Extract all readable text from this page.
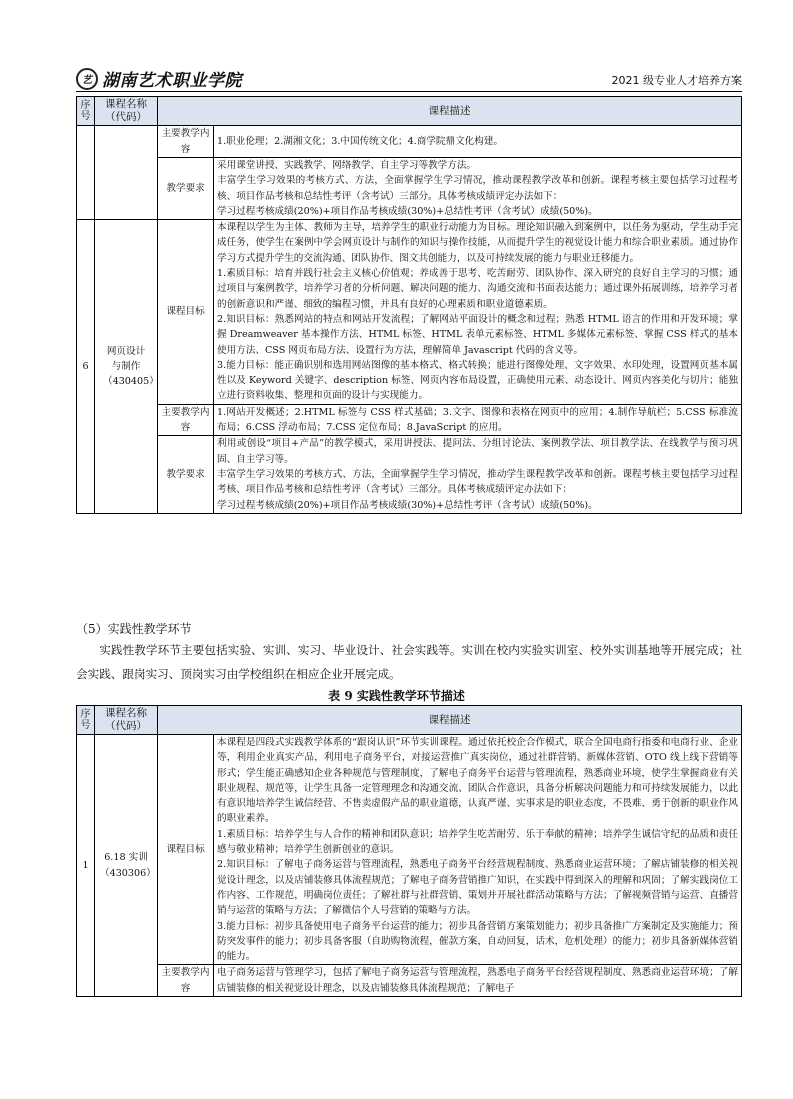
艺 湖南艺术职业学院	2021 级专业人才培养方案
序号	课程名称（代码）	课程描述	
		主要教学内容	1.职业伦理；2.湖湘文化；3.中国传统文化；4.商学院鼎文化构建。

		教学要求	采用课堂讲授、实践教学、网络教学、自主学习等教学方法。
丰富学生学习效果的考核方式、方法，全面掌握学生学习情况，推动课程教学改革和创新。课程考核主要包括学习过程考核、项目作品考核和总结性考评（含考试）三部分。具体考核成绩评定办法如下：
学习过程考核成绩(20%)+项目作品考核成绩(30%)+总结性考评（含考试）成绩(50%)。

6	网页设计与制作（430405）	课程目标	本课程以学生为主体、教师为主导，培养学生的职业行动能力为目标。理论知识融入到案例中，以任务为驱动，学生动手完成任务，使学生在案例中学会网页设计与制作的知识与操作技能，从而提升学生的视觉设计能力和综合职业素质。通过协作学习方式提升学生的交流沟通、团队协作、图文共创能力，以及可持续发展的能力与职业迁移能力。
1.素质目标：培育并践行社会主义核心价值观；养成善于思考、吃苦耐劳、团队协作、深入研究的良好自主学习的习惯；通过项目与案例教学，培养学习者的分析问题、解决问题的能力、沟通交流和书面表达能力；通过课外拓展训练，培养学习者的创新意识和严谨、细致的编程习惯，并具有良好的心理素质和职业道德素质。
2.知识目标：熟悉网站的特点和网站开发流程；了解网站平面设计的概念和过程；熟悉 HTML 语言的作用和开发环境；掌握 Dreamweaver 基本操作方法、HTML 标签、HTML 表单元素标签、HTML 多媒体元素标签、掌握 CSS 样式的基本使用方法、CSS 网页布局方法、设置行为方法，理解简单 Javascript 代码的含义等。
3.能力目标：能正确识别和选用网站图像的基本格式、格式转换；能进行图像处理、文字效果、水印处理，设置网页基本属性以及 Keyword 关键字、description 标签、网页内容布局设置，正确使用元素、动态设计、网页内容美化与切片；能独立进行资料收集、整理和页面的设计与实现能力。

		主要教学内容	1.网站开发概述；2.HTML 标签与 CSS 样式基础；3.文字、图像和表格在网页中的应用；4.制作导航栏；5.CSS 标准流布局；6.CSS 浮动布局；7.CSS 定位布局；8.JavaScript 的应用。

		教学要求	利用或创设“项目+产品”的教学模式，采用讲授法、提问法、分组讨论法、案例教学法、项目教学法、在线教学与预习巩固、自主学习等。
丰富学生学习效果的考核方式、方法，全面掌握学生学习情况，推动学生课程教学改革和创新。课程考核主要包括学习过程考核、项目作品考核和总结性考评（含考试）三部分。具体考核成绩评定办法如下：
学习过程考核成绩(20%)+项目作品考核成绩(30%)+总结性考评（含考试）成绩(50%)。
（5）实践性教学环节
实践性教学环节主要包括实验、实训、实习、毕业设计、社会实践等。实训在校内实验实训室、校外实训基地等开展完成；社会实践、跟岗实习、顶岗实习由学校组织在相应企业开展完成。
表 9 实践性教学环节描述
序号	课程名称（代码）	课程描述	
1	6.18 实训（430306）	课程目标	本课程是四段式实践教学体系的“跟岗认识”环节实训课程。通过依托校企合作模式，联合全国电商行指委和电商行业、企业等，利用企业真实产品，利用电子商务平台，对接运营推广真实岗位，通过社群营销、新媒体营销、OTO 线上线下营销等形式；学生能正确感知企业各种规范与管理制度，了解电子商务平台运营与管理流程，熟悉商业环境，使学生掌握商业有关职业规程、规范等，让学生具备一定管理理念和沟通交流、团队合作意识，具备分析解决问题能力和可持续发展能力，以此有意识地培养学生诚信经营、不售卖虚假产品的职业道德，认真严谨、实事求是的职业态度，不畏难、勇于创新的职业作风的职业素养。
1.素质目标：培养学生与人合作的精神和团队意识；培养学生吃苦耐劳、乐于奉献的精神；培养学生诚信守纪的品质和责任感与敬业精神；培养学生创新创业的意识。
2.知识目标：了解电子商务运营与管理流程，熟悉电子商务平台经营规程制度、熟悉商业运营环境；了解店铺装修的相关视觉设计理念，以及店铺装修具体流程规范；了解电子商务营销推广知识，在实践中得到深入的理解和巩固；了解实践岗位工作内容、工作规范，明确岗位责任；了解社群与社群营销、策划并开展社群活动策略与方法；了解视频营销与运营、直播营销与运营的策略与方法；了解微信个人号营销的策略与方法。
3.能力目标：初步具备使用电子商务平台运营的能力；初步具备营销方案策划能力；初步具备推广方案制定及实施能力；预防突发事件的能力；初步具备客服（自助购物流程，催款方案，自动回复，话术，危机处理）的能力；初步具备新媒体营销的能力。

		主要教学内容	电子商务运营与管理学习，包括了解电子商务运营与管理流程，熟悉电子商务平台经营规程制度、熟悉商业运营环境；了解店铺装修的相关视觉设计理念，以及店铺装修具体流程规范；了解电子
